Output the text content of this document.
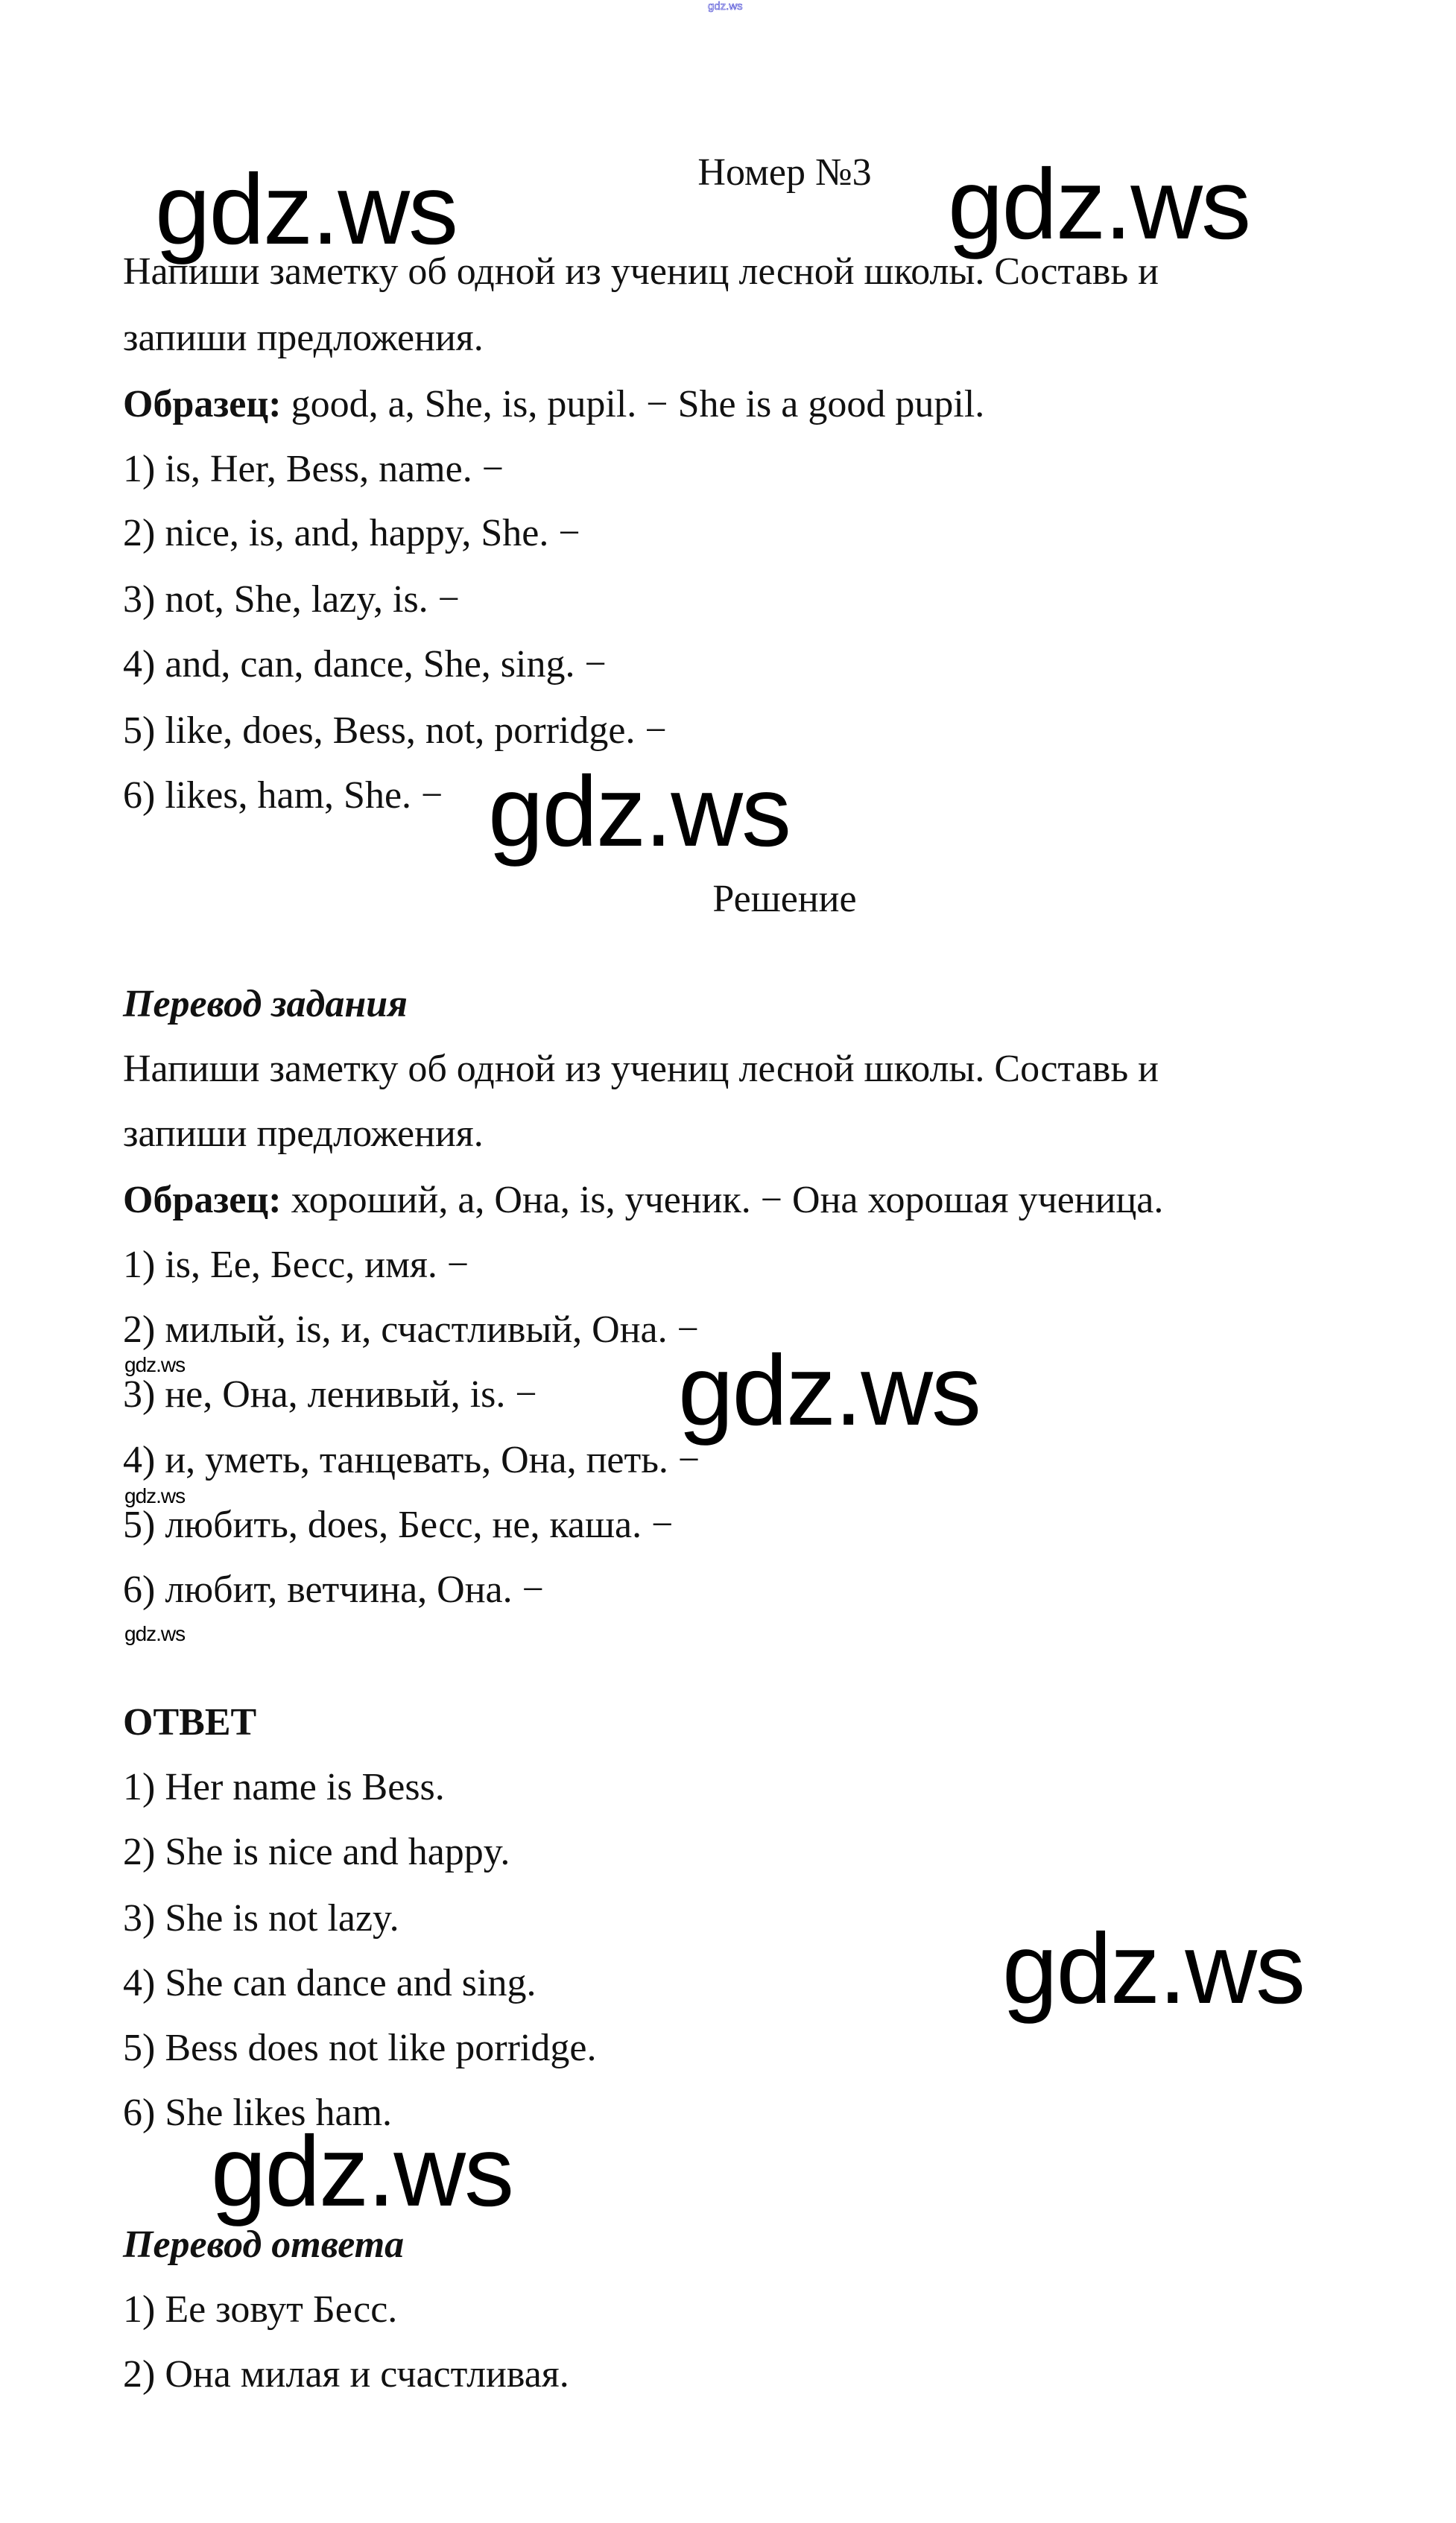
gdz.ws
Номер №3
Напиши заметку об одной из учениц лесной школы. Составь и
запиши предложения.
Образец: good, a, She, is, pupil. − She is a good pupil.
1) is, Her, Bess, name. −
2) nice, is, and, happy, She. −
3) not, She, lazy, is. −
4) and, can, dance, She, sing. −
5) like, does, Bess, not, porridge. −
6) likes, ham, She. −
Решение
Перевод задания
Напиши заметку об одной из учениц лесной школы. Составь и
запиши предложения.
Образец: хороший, a, Она, is, ученик. − Она хорошая ученица.
1) is, Ее, Бесс, имя. −
2) милый, is, и, счастливый, Она. −
3) не, Она, ленивый, is. −
4) и, уметь, танцевать, Она, петь. −
5) любить, does, Бесс, не, каша. −
6) любит, ветчина, Она. −
ОТВЕТ
1) Her name is Bess.
2) She is nice and happy.
3) She is not lazy.
4) She can dance and sing.
5) Bess does not like porridge.
6) She likes ham.
Перевод ответа
1) Ее зовут Бесс.
2) Она милая и счастливая.
gdz.ws	gdz.ws
gdz.ws
gdz.ws
gdz.ws
gdz.ws
gdz.ws
gdz.ws
gdz.ws
